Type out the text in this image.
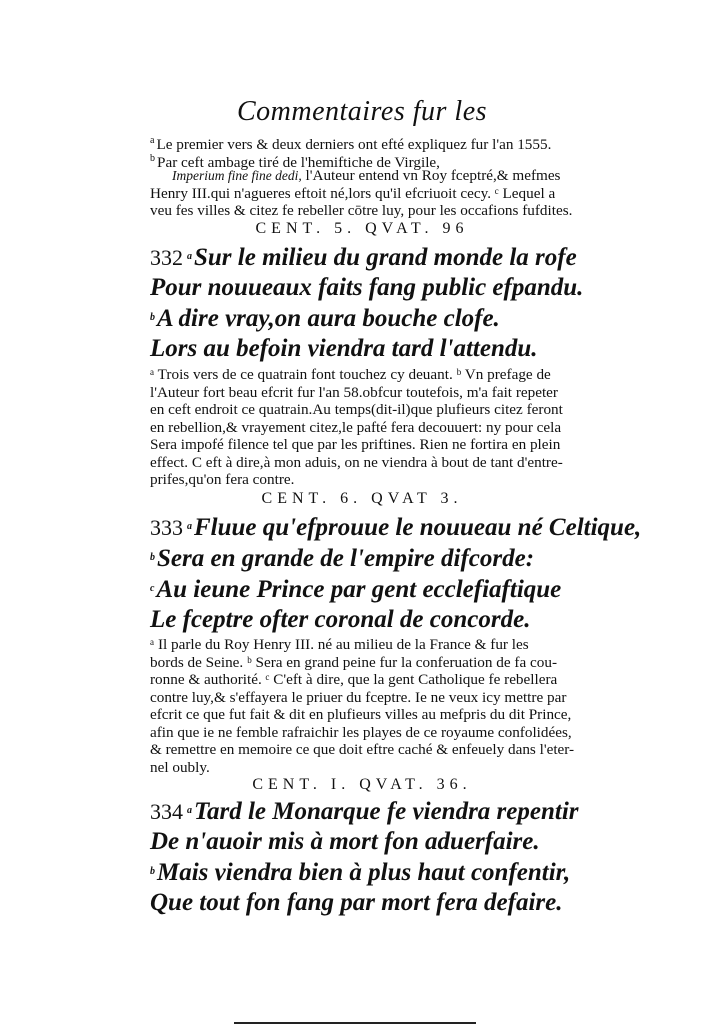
Commentaires fur les
$^a$ Le premier vers & deux derniers ont efté expliquez fur l'an 1555.
$^b$ Par ceft ambage tiré de l'hemiftiche de Virgile,
Imperium fine fine dedi, l'Auteur entend vn Roy fceptré,& mefmes
Henry III.qui n'agueres eftoit né,lors qu'il efcriuoit cecy. ᶜ Lequel a
veu fes villes & citez fe rebeller cōtre luy, pour les occafions fufdites.
CENT. 5. QVAT. 96
332 $^a$Sur le milieu du grand monde la rofe
Pour nouueaux faits fang public efpandu.
$^b$A dire vray,on aura bouche clofe.
Lors au befoin viendra tard l'attendu.
ᵃ Trois vers de ce quatrain font touchez cy deuant. ᵇ Vn prefage de
l'Auteur fort beau efcrit fur l'an 58.obfcur toutefois, m'a fait repeter
en ceft endroit ce quatrain.Au temps(dit-il)que plufieurs citez feront
en rebellion,& vrayement citez,le pafté fera decouuert: ny pour cela
Sera impofé filence tel que par les priftines. Rien ne fortira en plein
effect. C eft à dire,à mon aduis, on ne viendra à bout de tant d'entre-
prifes,qu'on fera contre.
CENT. 6. QVAT 3.
333 $^a$Fluue qu'efprouue le nouueau né Celtique,
$^b$Sera en grande de l'empire difcorde:
$^c$Au ieune Prince par gent ecclefiaftique
Le fceptre ofter coronal de concorde.
ᵃ Il parle du Roy Henry III. né au milieu de la France & fur les
bords de Seine. ᵇ Sera en grand peine fur la conferuation de fa cou-
ronne & authorité. ᶜ C'eft à dire, que la gent Catholique fe rebellera
contre luy,& s'effayera le priuer du fceptre. Ie ne veux icy mettre par
efcrit ce que fut fait & dit en plufieurs villes au mefpris du dit Prince,
afin que ie ne femble rafraichir les playes de ce royaume confolidées,
& remettre en memoire ce que doit eftre caché & enfeuely dans l'eter-
nel oubly.
CENT. I. QVAT. 36.
334 $^a$Tard le Monarque fe viendra repentir
De n'auoir mis à mort fon aduerfaire.
$^b$Mais viendra bien à plus haut confentir,
Que tout fon fang par mort fera defaire.
